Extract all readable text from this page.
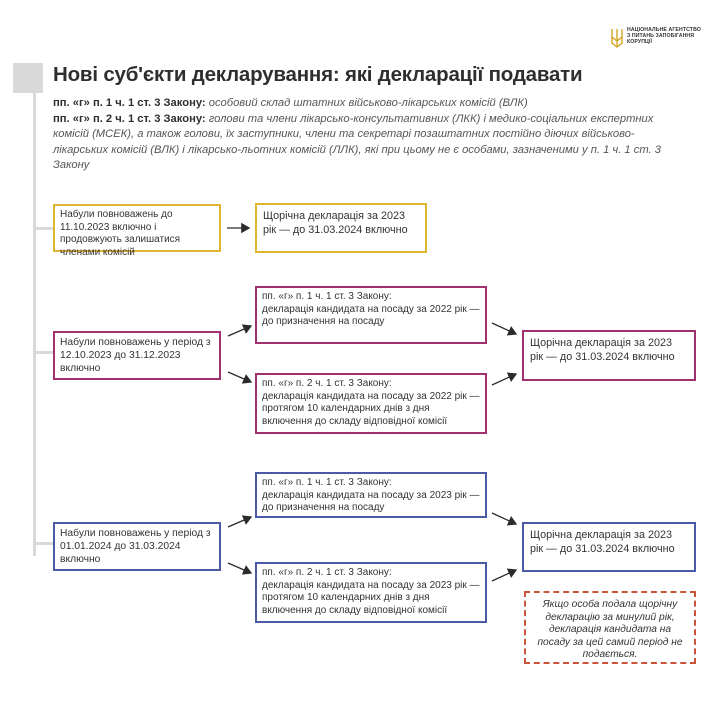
НАЦІОНАЛЬНЕ АГЕНТСТВО
З ПИТАНЬ ЗАПОБІГАННЯ
КОРУПЦІЇ
Нові суб'єкти декларування: які декларації подавати
пп. «г» п. 1 ч. 1 ст. 3 Закону: особовий склад штатних військово-лікарських комісій (ВЛК)
пп. «г» п. 2 ч. 1 ст. 3 Закону: голови та члени лікарсько-консультативних (ЛКК) і медико-соціальних експертних комісій (МСЕК), а також голови, їх заступники, члени та секретарі позаштатних постійно діючих військово-лікарських комісій (ВЛК) і лікарсько-льотних комісій (ЛЛК), які при цьому не є особами, зазначеними у п. 1 ч. 1 ст. 3 Закону
Набули повноважень до 11.10.2023 включно і продовжують залишатися членами комісій
Щорічна декларація за 2023 рік — до 31.03.2024 включно
Набули повноважень у період з 12.10.2023 до 31.12.2023 включно
пп. «г» п. 1 ч. 1 ст. 3 Закону:
декларація кандидата на посаду за 2022 рік — до призначення на посаду
пп. «г» п. 2 ч. 1 ст. 3 Закону:
декларація кандидата на посаду за 2022 рік — протягом 10 календарних днів з дня включення до складу відповідної комісії
Щорічна декларація за 2023 рік — до 31.03.2024 включно
Набули повноважень у період з 01.01.2024 до 31.03.2024 включно
пп. «г» п. 1 ч. 1 ст. 3 Закону:
декларація кандидата на посаду за 2023 рік — до призначення на посаду
пп. «г» п. 2 ч. 1 ст. 3 Закону:
декларація кандидата на посаду за 2023 рік — протягом 10 календарних днів з дня включення до складу відповідної комісії
Щорічна декларація за 2023 рік — до 31.03.2024 включно
Якщо особа подала щорічну декларацію за минулий рік, декларація кандидата на посаду за цей самий період не подається.
